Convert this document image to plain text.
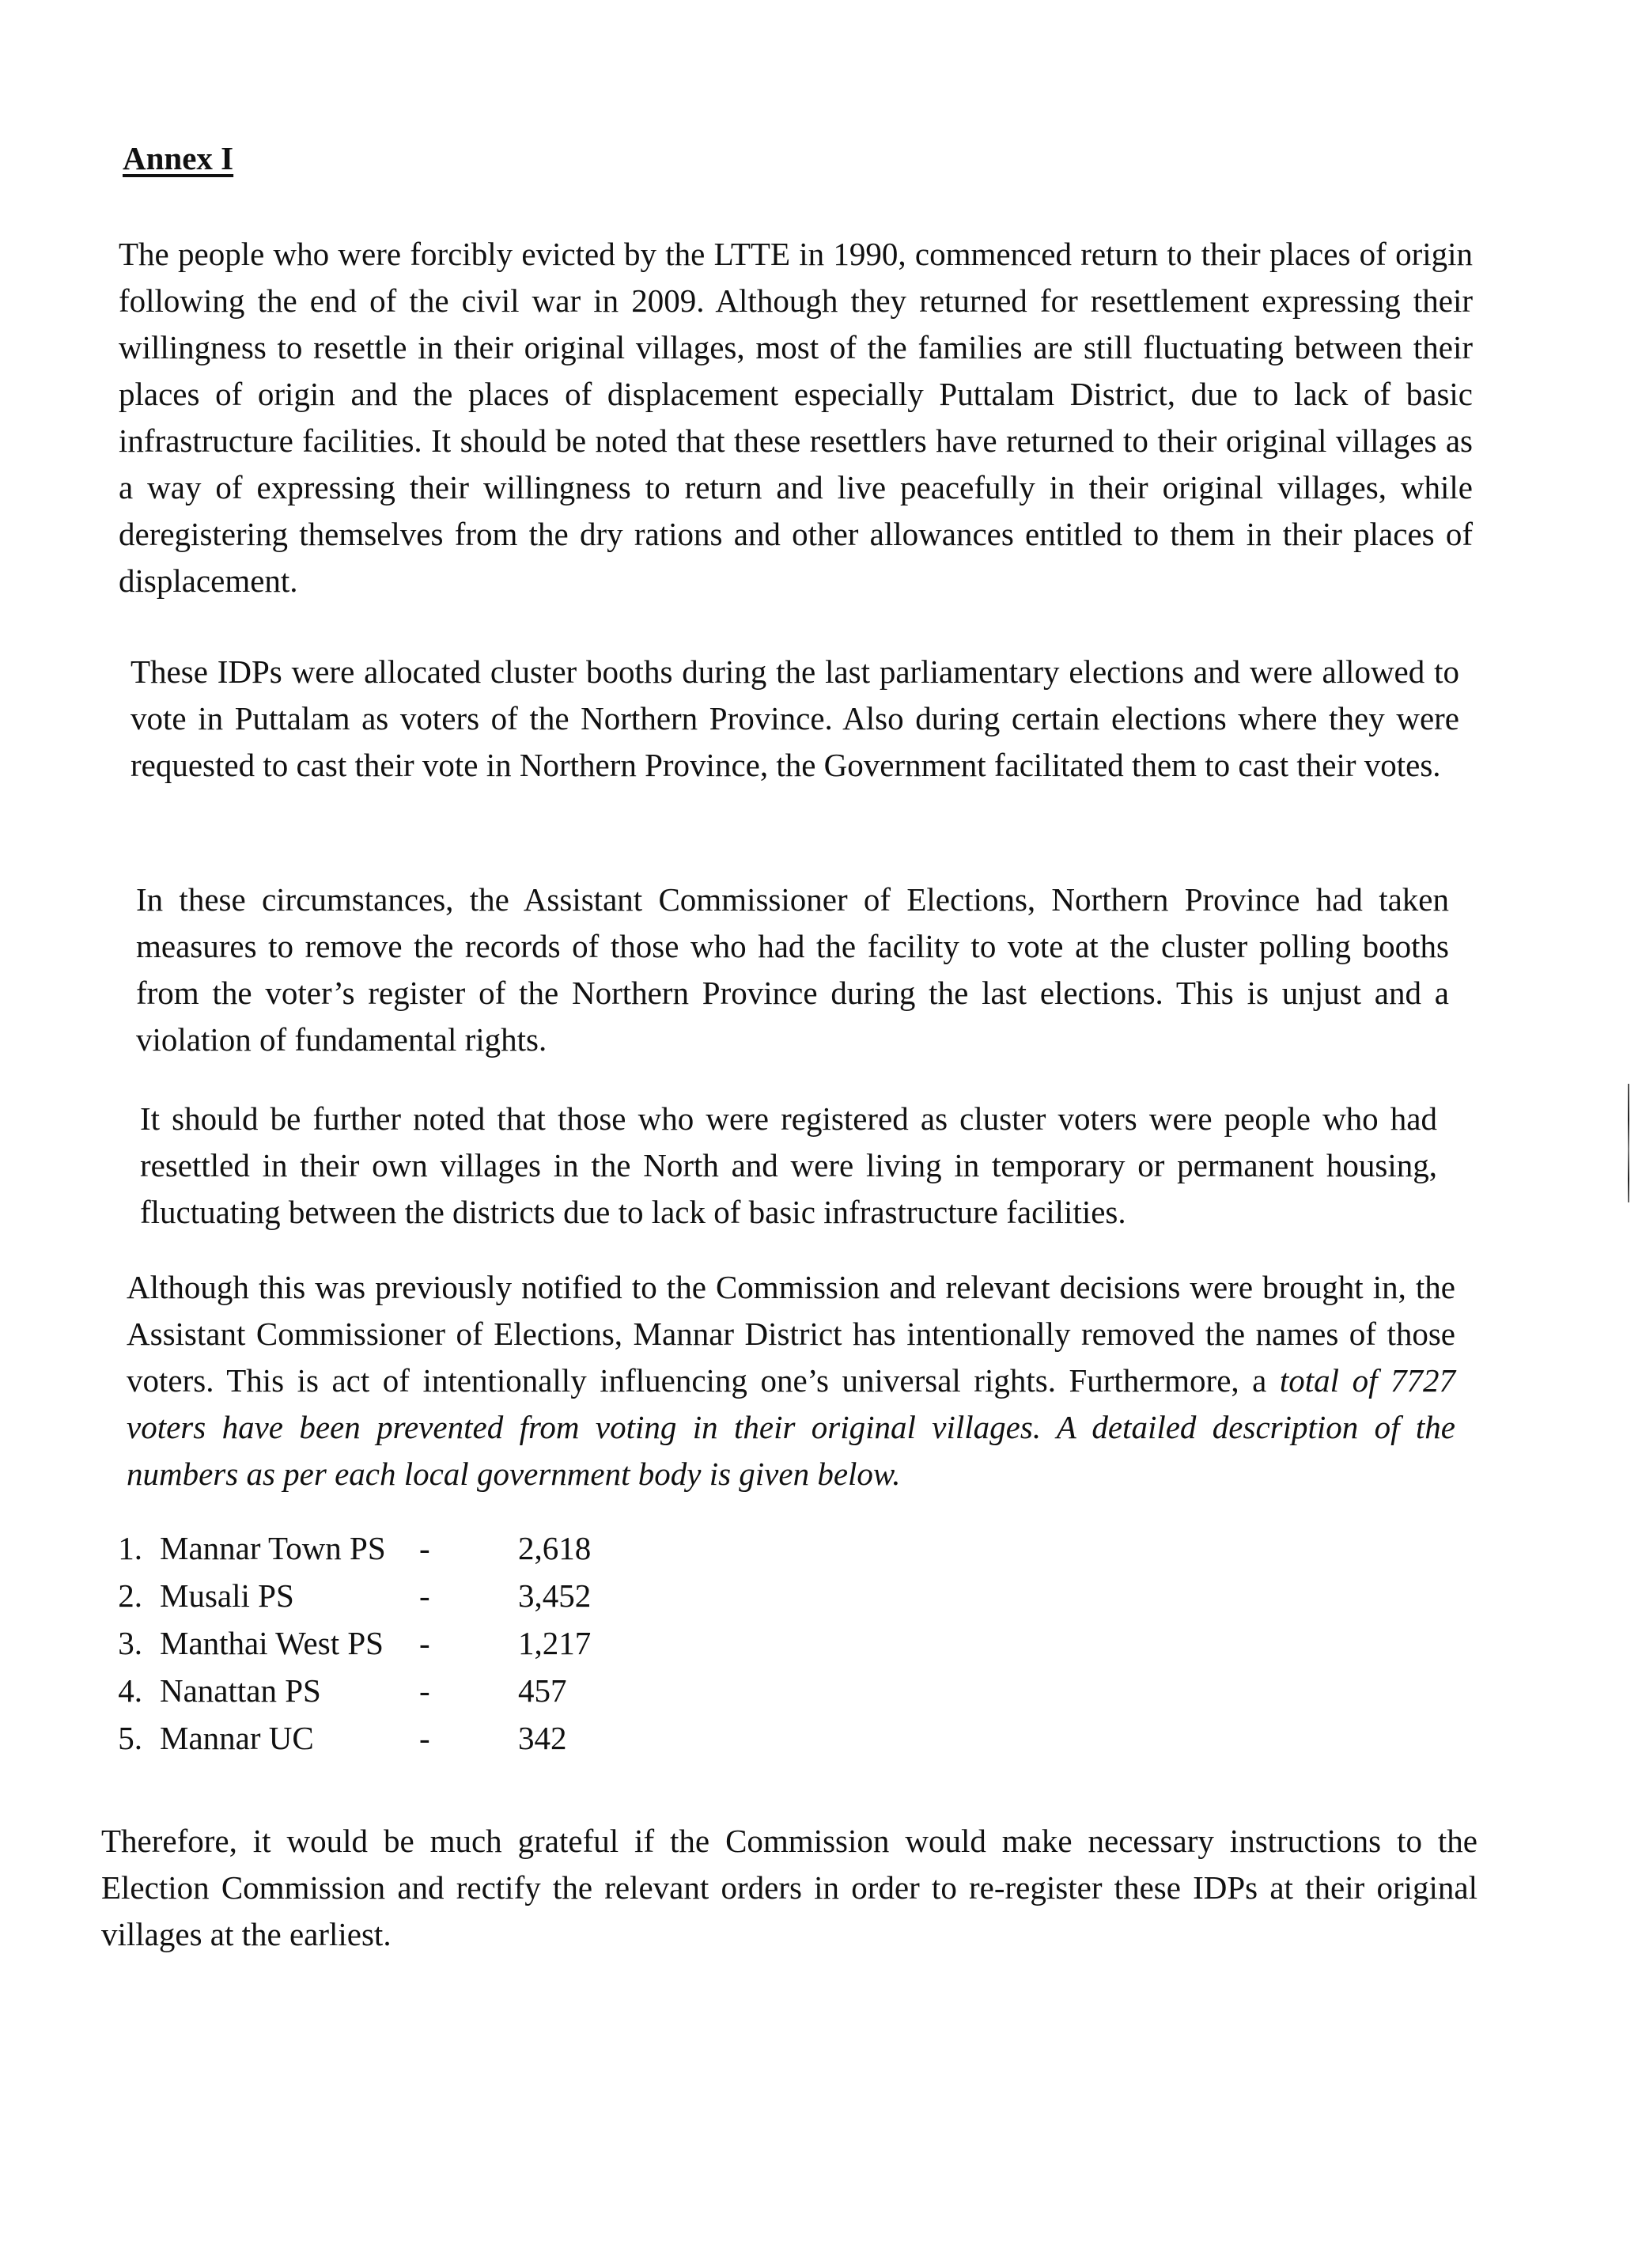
Annex I

The people who were forcibly evicted by the LTTE in 1990, commenced return to their places of origin following the end of the civil war in 2009. Although they returned for resettlement expressing their willingness to resettle in their original villages, most of the families are still fluctuating between their places of origin and the places of displacement especially Puttalam District, due to lack of basic infrastructure facilities. It should be noted that these resettlers have returned to their original villages as a way of expressing their willingness to return and live peacefully in their original villages, while deregistering themselves from the dry rations and other allowances entitled to them in their places of displacement.

These IDPs were allocated cluster booths during the last parliamentary elections and were allowed to vote in Puttalam as voters of the Northern Province. Also during certain elections where they were requested to cast their vote in Northern Province, the Government facilitated them to cast their votes.

In these circumstances, the Assistant Commissioner of Elections, Northern Province had taken measures to remove the records of those who had the facility to vote at the cluster polling booths from the voter’s register of the Northern Province during the last elections. This is unjust and a violation of fundamental rights.

It should be further noted that those who were registered as cluster voters were people who had resettled in their own villages in the North and were living in temporary or permanent housing, fluctuating between the districts due to lack of basic infrastructure facilities.

Although this was previously notified to the Commission and relevant decisions were brought in, the Assistant Commissioner of Elections, Mannar District has intentionally removed the names of those voters. This is act of intentionally influencing one’s universal rights. Furthermore, a total of 7727 voters have been prevented from voting in their original villages. A detailed description of the numbers as per each local government body is given below.

1. Mannar Town PS -	2,618
2. Musali PS	-	3,452
3. Manthai West PS -	1,217
4. Nanattan PS	-	457
5. Mannar UC	-	342

Therefore, it would be much grateful if the Commission would make necessary instructions to the Election Commission and rectify the relevant orders in order to re-register these IDPs at their original villages at the earliest.
